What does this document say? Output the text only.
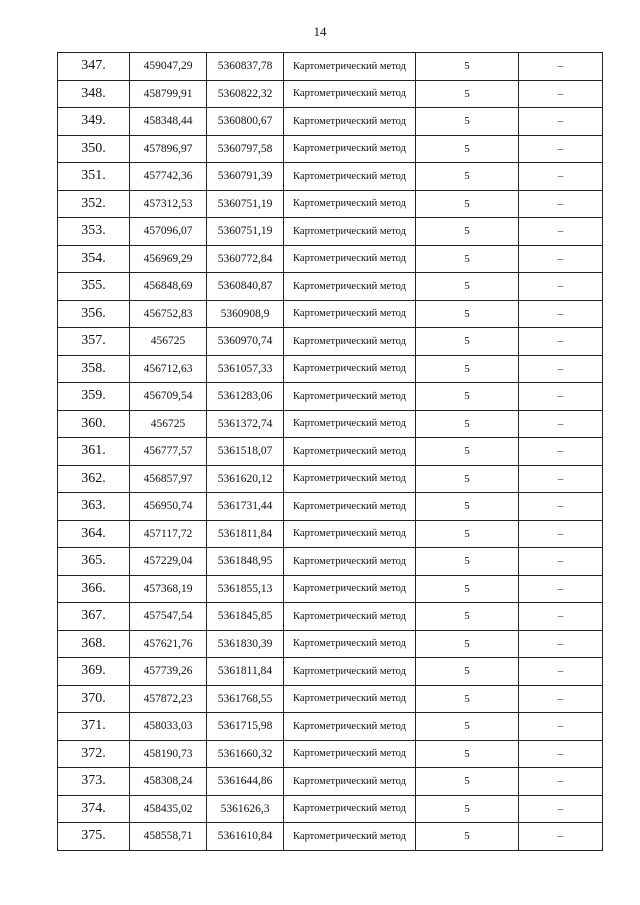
14
347.	459047,29	5360837,78	Картометрический метод	5	–
348.	458799,91	5360822,32	Картометрический метод	5	–
349.	458348,44	5360800,67	Картометрический метод	5	–
350.	457896,97	5360797,58	Картометрический метод	5	–
351.	457742,36	5360791,39	Картометрический метод	5	–
352.	457312,53	5360751,19	Картометрический метод	5	–
353.	457096,07	5360751,19	Картометрический метод	5	–
354.	456969,29	5360772,84	Картометрический метод	5	–
355.	456848,69	5360840,87	Картометрический метод	5	–
356.	456752,83	5360908,9	Картометрический метод	5	–
357.	456725	5360970,74	Картометрический метод	5	–
358.	456712,63	5361057,33	Картометрический метод	5	–
359.	456709,54	5361283,06	Картометрический метод	5	–
360.	456725	5361372,74	Картометрический метод	5	–
361.	456777,57	5361518,07	Картометрический метод	5	–
362.	456857,97	5361620,12	Картометрический метод	5	–
363.	456950,74	5361731,44	Картометрический метод	5	–
364.	457117,72	5361811,84	Картометрический метод	5	–
365.	457229,04	5361848,95	Картометрический метод	5	–
366.	457368,19	5361855,13	Картометрический метод	5	–
367.	457547,54	5361845,85	Картометрический метод	5	–
368.	457621,76	5361830,39	Картометрический метод	5	–
369.	457739,26	5361811,84	Картометрический метод	5	–
370.	457872,23	5361768,55	Картометрический метод	5	–
371.	458033,03	5361715,98	Картометрический метод	5	–
372.	458190,73	5361660,32	Картометрический метод	5	–
373.	458308,24	5361644,86	Картометрический метод	5	–
374.	458435,02	5361626,3	Картометрический метод	5	–
375.	458558,71	5361610,84	Картометрический метод	5	–
